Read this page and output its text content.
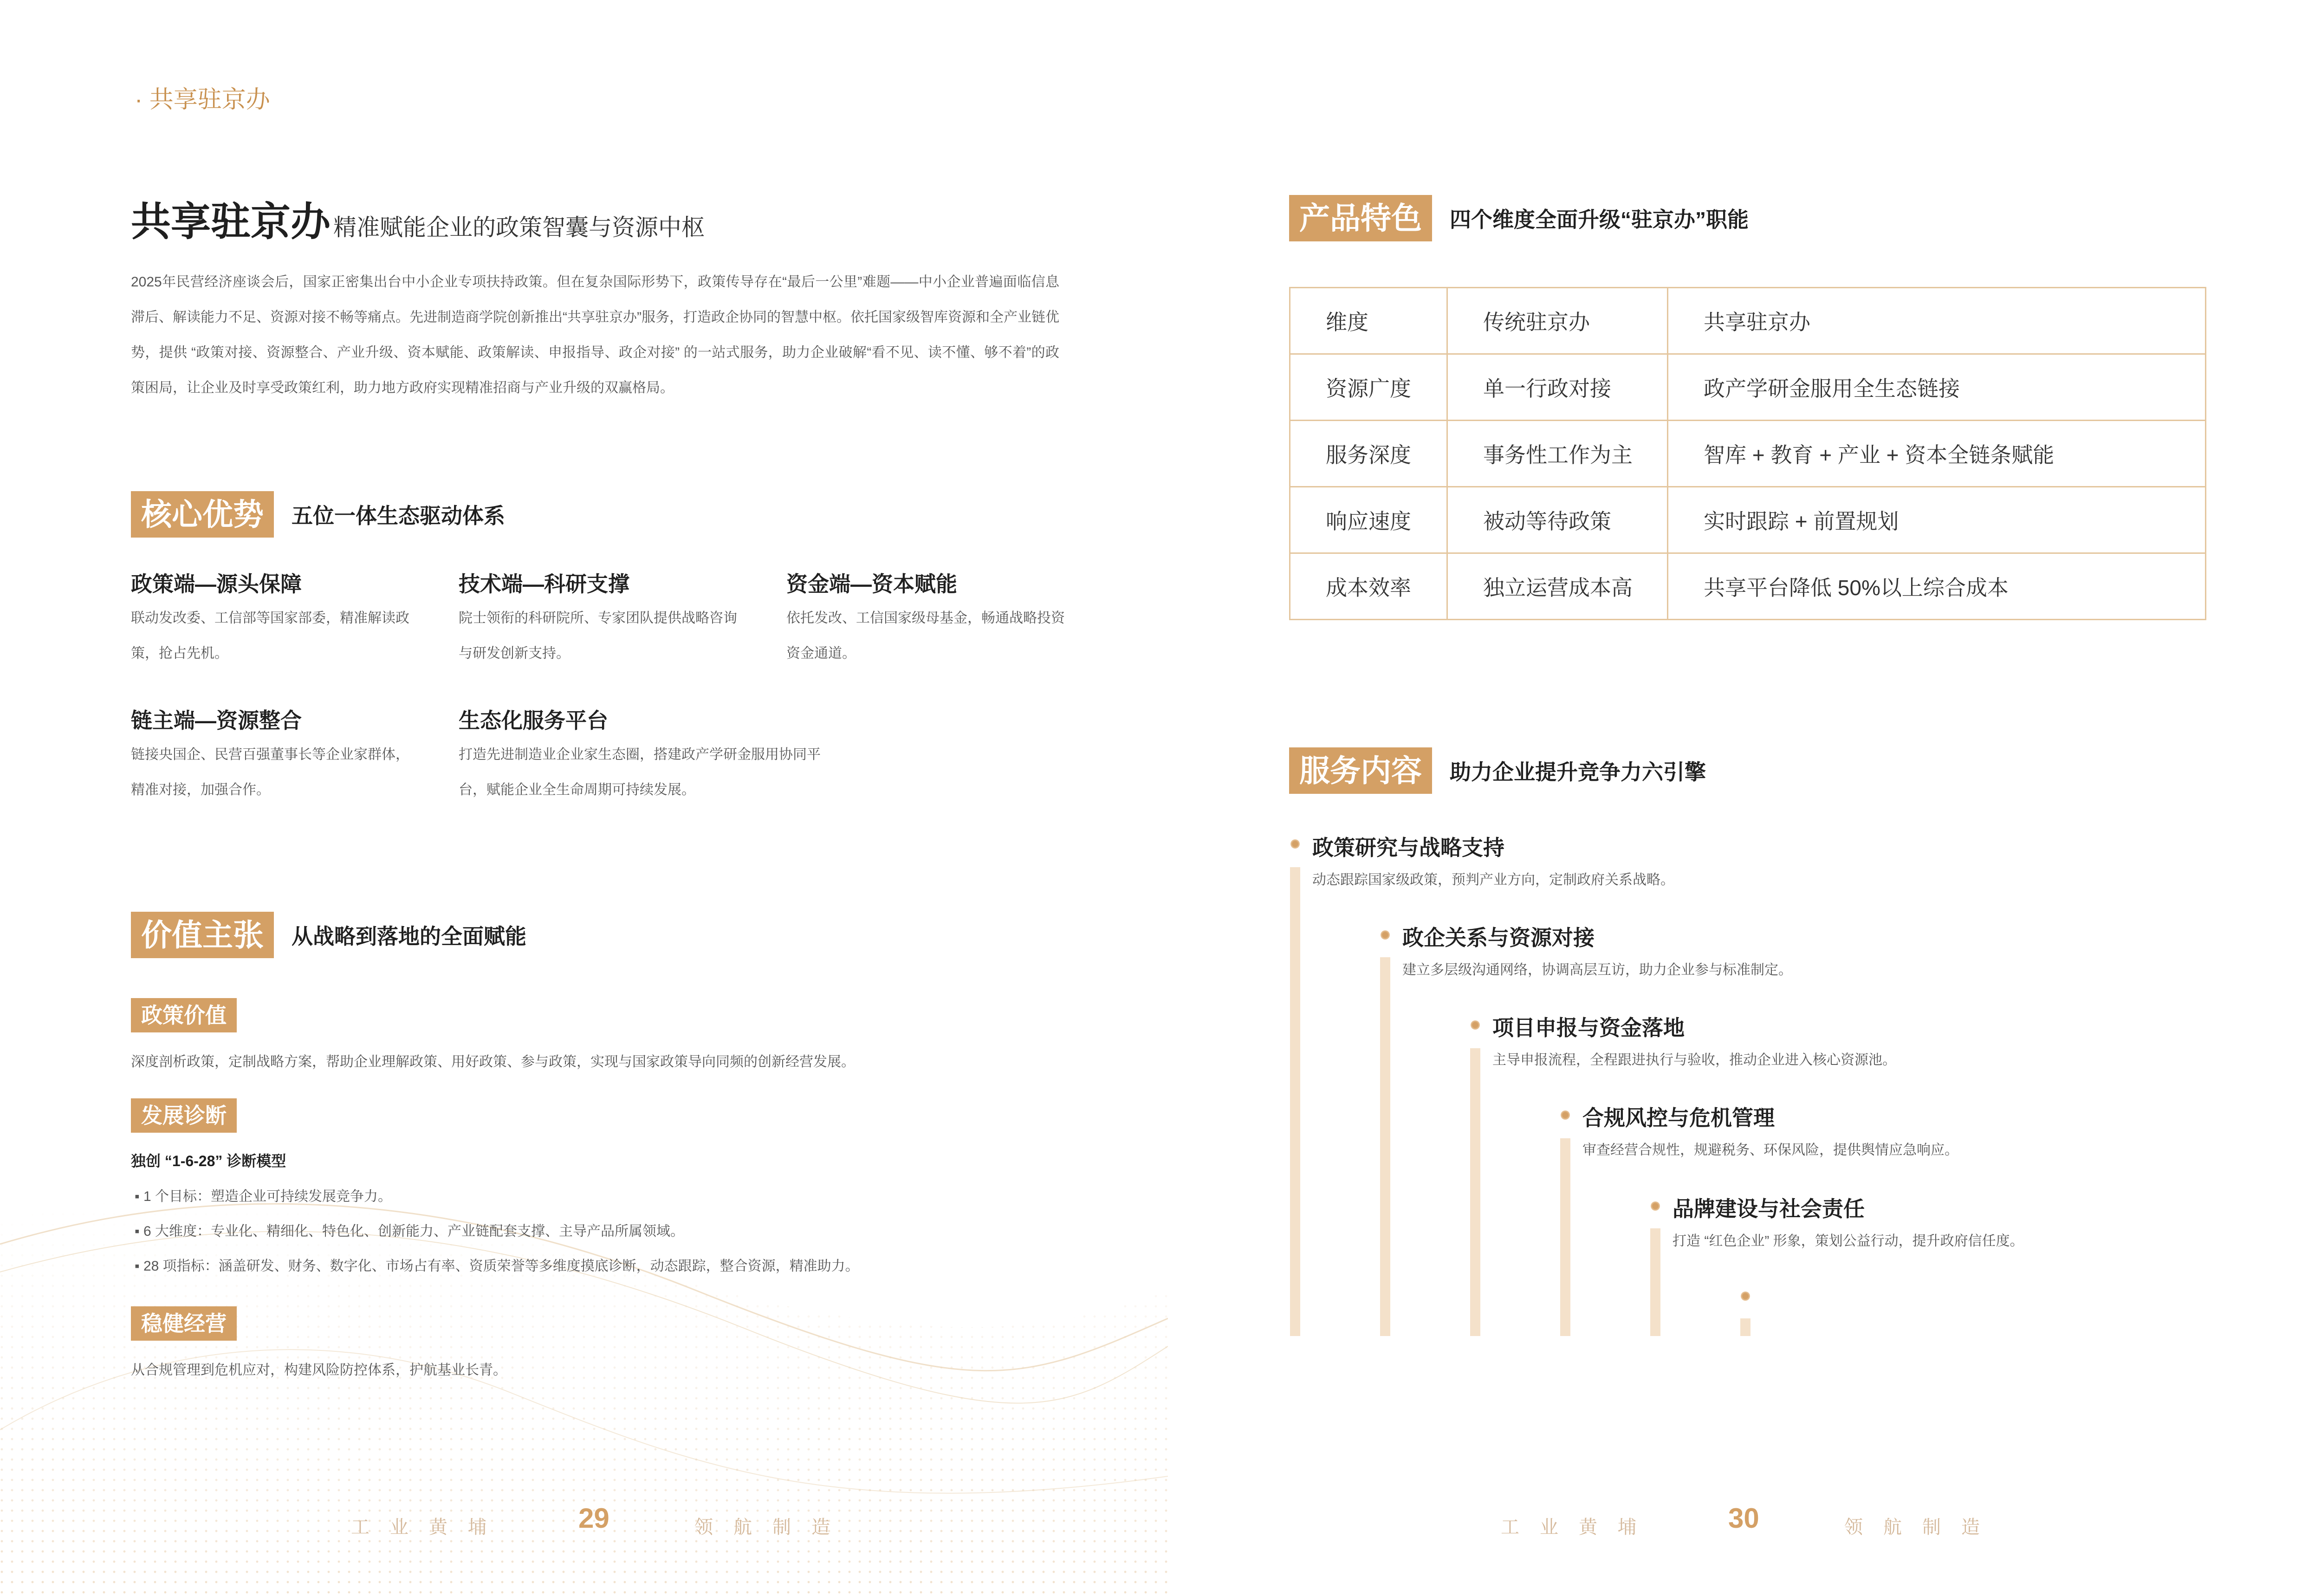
· 共享驻京办
共享驻京办 精准赋能企业的政策智囊与资源中枢
2025年民营经济座谈会后，国家正密集出台中小企业专项扶持政策。但在复杂国际形势下，政策传导存在“最后一公里”难题——中小企业普遍面临信息滞后、解读能力不足、资源对接不畅等痛点。先进制造商学院创新推出“共享驻京办”服务，打造政企协同的智慧中枢。依托国家级智库资源和全产业链优势，提供 “政策对接、资源整合、产业升级、资本赋能、政策解读、申报指导、政企对接” 的一站式服务，助力企业破解“看不见、读不懂、够不着”的政策困局，让企业及时享受政策红利，助力地方政府实现精准招商与产业升级的双赢格局。
核心优势	五位一体生态驱动体系
政策端—源头保障
联动发改委、工信部等国家部委，精准解读政策，抢占先机。
技术端—科研支撑
院士领衔的科研院所、专家团队提供战略咨询与研发创新支持。
资金端—资本赋能
依托发改、工信国家级母基金，畅通战略投资资金通道。
链主端—资源整合
链接央国企、民营百强董事长等企业家群体，精准对接，加强合作。
生态化服务平台
打造先进制造业企业家生态圈，搭建政产学研金服用协同平台，赋能企业全生命周期可持续发展。
价值主张	从战略到落地的全面赋能
政策价值
深度剖析政策，定制战略方案，帮助企业理解政策、用好政策、参与政策，实现与国家政策导向同频的创新经营发展。
发展诊断
独创 “1-6-28” 诊断模型
▪ 1 个目标：塑造企业可持续发展竞争力。
▪ 6 大维度：专业化、精细化、特色化、创新能力、产业链配套支撑、主导产品所属领域。
▪ 28 项指标：涵盖研发、财务、数字化、市场占有率、资质荣誉等多维度摸底诊断，动态跟踪，整合资源，精准助力。
稳健经营
从合规管理到危机应对，构建风险防控体系，护航基业长青。
工业黄埔	29	领航制造
产品特色	四个维度全面升级“驻京办”职能
维度	传统驻京办	共享驻京办
资源广度	单一行政对接	政产学研金服用全生态链接
服务深度	事务性工作为主	智库 + 教育 + 产业 + 资本全链条赋能
响应速度	被动等待政策	实时跟踪 + 前置规划
成本效率	独立运营成本高	共享平台降低 50%以上综合成本
服务内容	助力企业提升竞争力六引擎
政策研究与战略支持
动态跟踪国家级政策，预判产业方向，定制政府关系战略。
政企关系与资源对接
建立多层级沟通网络，协调高层互访，助力企业参与标准制定。
项目申报与资金落地
主导申报流程，全程跟进执行与验收，推动企业进入核心资源池。
合规风控与危机管理
审查经营合规性，规避税务、环保风险，提供舆情应急响应。
品牌建设与社会责任
打造 “红色企业” 形象，策划公益行动，提升政府信任度。
工业黄埔	30	领航制造
